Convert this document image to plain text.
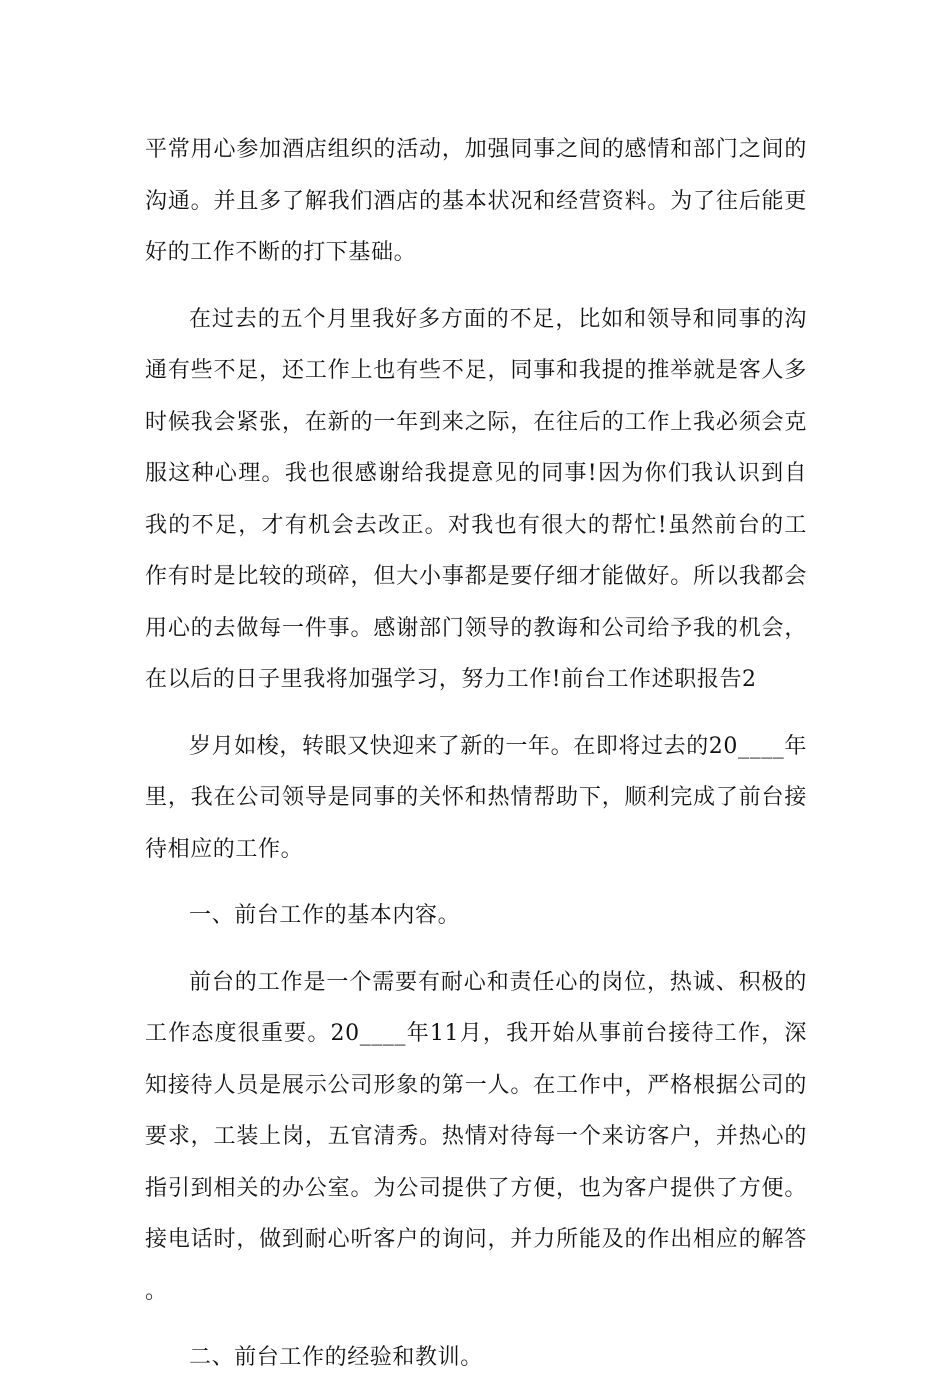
平常用心参加酒店组织的活动，加强同事之间的感情和部门之间的沟通。并且多了解我们酒店的基本状况和经营资料。为了往后能更好的工作不断的打下基础。

在过去的五个月里我好多方面的不足，比如和领导和同事的沟通有些不足，还工作上也有些不足，同事和我提的推举就是客人多时候我会紧张，在新的一年到来之际，在往后的工作上我必须会克服这种心理。我也很感谢给我提意见的同事!因为你们我认识到自我的不足，才有机会去改正。对我也有很大的帮忙!虽然前台的工作有时是比较的琐碎，但大小事都是要仔细才能做好。所以我都会用心的去做每一件事。感谢部门领导的教诲和公司给予我的机会，在以后的日子里我将加强学习，努力工作!前台工作述职报告2

岁月如梭，转眼又快迎来了新的一年。在即将过去的20____年里，我在公司领导是同事的关怀和热情帮助下，顺利完成了前台接待相应的工作。

一、前台工作的基本内容。

前台的工作是一个需要有耐心和责任心的岗位，热诚、积极的工作态度很重要。20____年11月，我开始从事前台接待工作，深知接待人员是展示公司形象的第一人。在工作中，严格根据公司的要求，工装上岗，五官清秀。热情对待每一个来访客户，并热心的指引到相关的办公室。为公司提供了方便，也为客户提供了方便。接电话时，做到耐心听客户的询问，并力所能及的作出相应的解答。

二、前台工作的经验和教训。
